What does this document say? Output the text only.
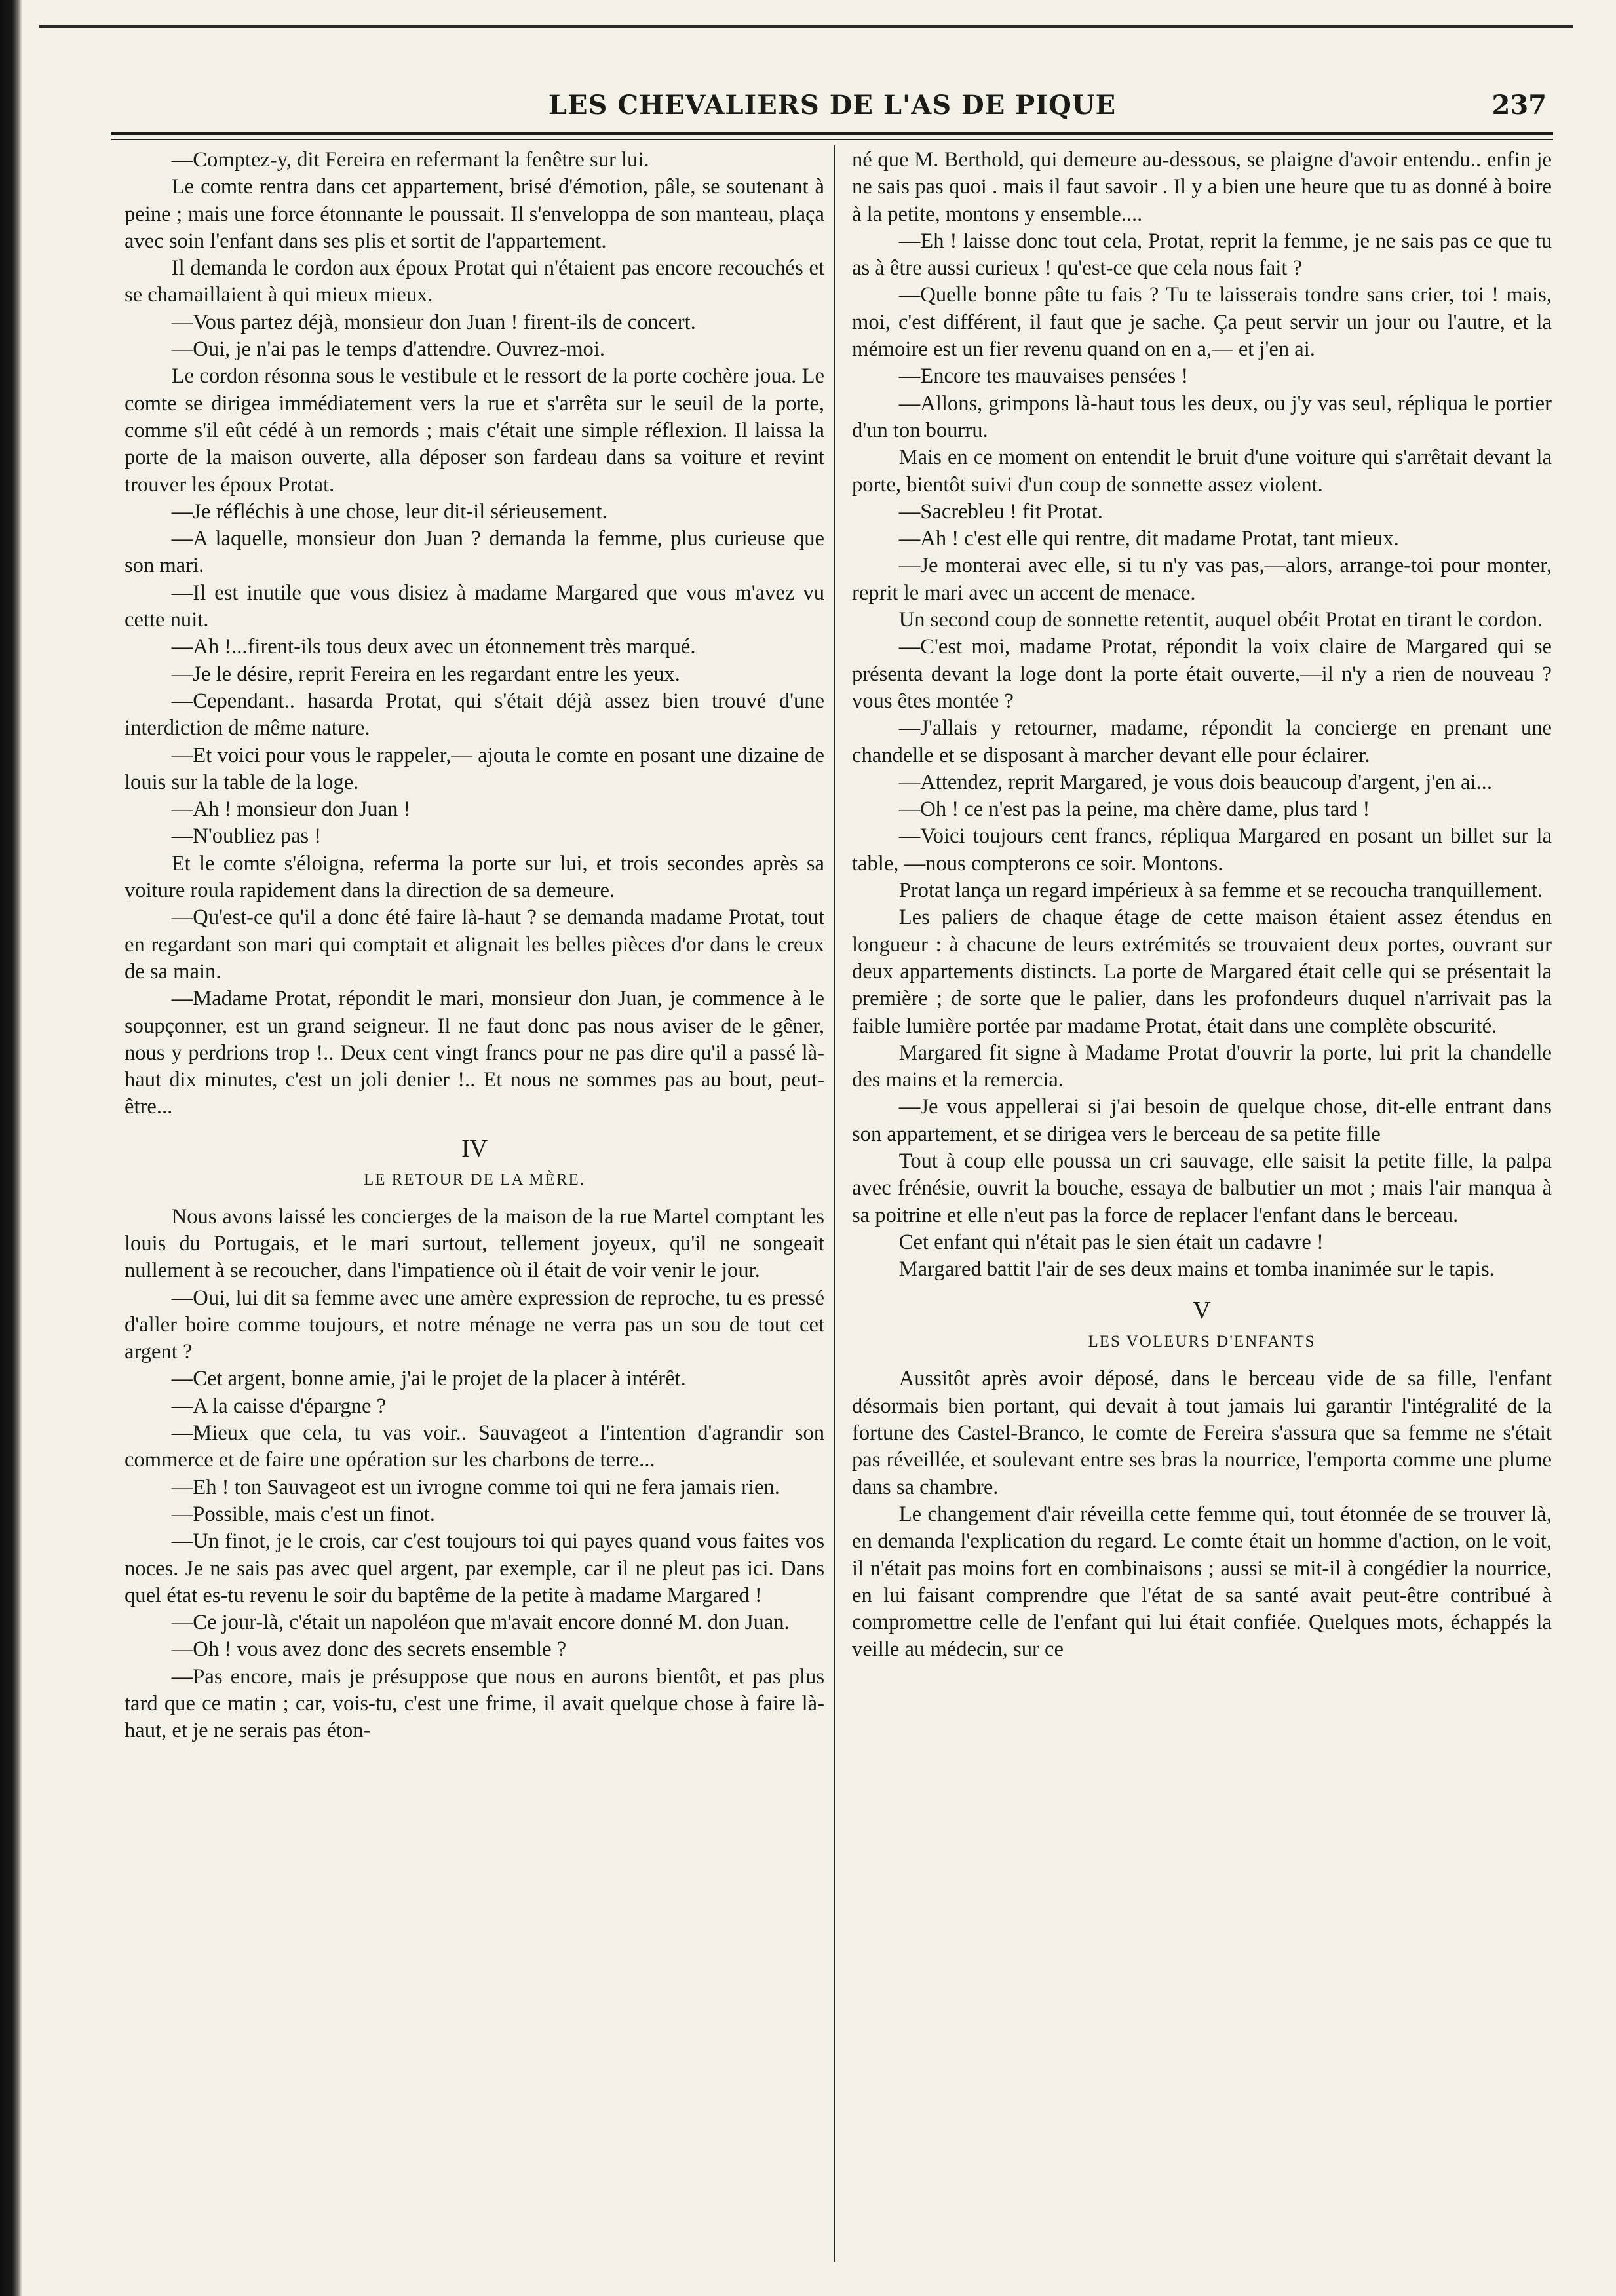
LES CHEVALIERS DE L'AS DE PIQUE	237

—Comptez-y, dit Fereira en refermant la fenêtre sur lui.

Le comte rentra dans cet appartement, brisé d'émotion, pâle, se soutenant à peine ; mais une force étonnante le poussait. Il s'enveloppa de son manteau, plaça avec soin l'enfant dans ses plis et sortit de l'appartement.

Il demanda le cordon aux époux Protat qui n'étaient pas encore recouchés et se chamaillaient à qui mieux mieux.

—Vous partez déjà, monsieur don Juan ! firent-ils de concert.

—Oui, je n'ai pas le temps d'attendre. Ouvrez-moi.

Le cordon résonna sous le vestibule et le ressort de la porte cochère joua. Le comte se dirigea immédiatement vers la rue et s'arrêta sur le seuil de la porte, comme s'il eût cédé à un remords ; mais c'était une simple réflexion. Il laissa la porte de la maison ouverte, alla déposer son fardeau dans sa voiture et revint trouver les époux Protat.

—Je réfléchis à une chose, leur dit-il sérieusement.

—A laquelle, monsieur don Juan ? demanda la femme, plus curieuse que son mari.

—Il est inutile que vous disiez à madame Margared que vous m'avez vu cette nuit.

—Ah !...firent-ils tous deux avec un étonnement très marqué.

—Je le désire, reprit Fereira en les regardant entre les yeux.

—Cependant.. hasarda Protat, qui s'était déjà assez bien trouvé d'une interdiction de même nature.

—Et voici pour vous le rappeler,— ajouta le comte en posant une dizaine de louis sur la table de la loge.

—Ah ! monsieur don Juan !

—N'oubliez pas !

Et le comte s'éloigna, referma la porte sur lui, et trois secondes après sa voiture roula rapidement dans la direction de sa demeure.

—Qu'est-ce qu'il a donc été faire là-haut ? se demanda madame Protat, tout en regardant son mari qui comptait et alignait les belles pièces d'or dans le creux de sa main.

—Madame Protat, répondit le mari, monsieur don Juan, je commence à le soupçonner, est un grand seigneur. Il ne faut donc pas nous aviser de le gêner, nous y perdrions trop !.. Deux cent vingt francs pour ne pas dire qu'il a passé là-haut dix minutes, c'est un joli denier !.. Et nous ne sommes pas au bout, peut-être...

IV
LE RETOUR DE LA MÈRE.

Nous avons laissé les concierges de la maison de la rue Martel comptant les louis du Portugais, et le mari surtout, tellement joyeux, qu'il ne songeait nullement à se recoucher, dans l'impatience où il était de voir venir le jour.

—Oui, lui dit sa femme avec une amère expression de reproche, tu es pressé d'aller boire comme toujours, et notre ménage ne verra pas un sou de tout cet argent ?

—Cet argent, bonne amie, j'ai le projet de la placer à intérêt.

—A la caisse d'épargne ?

—Mieux que cela, tu vas voir.. Sauvageot a l'intention d'agrandir son commerce et de faire une opération sur les charbons de terre...

—Eh ! ton Sauvageot est un ivrogne comme toi qui ne fera jamais rien.

—Possible, mais c'est un finot.

—Un finot, je le crois, car c'est toujours toi qui payes quand vous faites vos noces. Je ne sais pas avec quel argent, par exemple, car il ne pleut pas ici. Dans quel état es-tu revenu le soir du baptême de la petite à madame Margared !

—Ce jour-là, c'était un napoléon que m'avait encore donné M. don Juan.

—Oh ! vous avez donc des secrets ensemble ?

—Pas encore, mais je présuppose que nous en aurons bientôt, et pas plus tard que ce matin ; car, vois-tu, c'est une frime, il avait quelque chose à faire là-haut, et je ne serais pas éton-

né que M. Berthold, qui demeure au-dessous, se plaigne d'avoir entendu.. enfin je ne sais pas quoi . mais il faut savoir . Il y a bien une heure que tu as donné à boire à la petite, montons y ensemble....

—Eh ! laisse donc tout cela, Protat, reprit la femme, je ne sais pas ce que tu as à être aussi curieux ! qu'est-ce que cela nous fait ?

—Quelle bonne pâte tu fais ? Tu te laisserais tondre sans crier, toi ! mais, moi, c'est différent, il faut que je sache. Ça peut servir un jour ou l'autre, et la mémoire est un fier revenu quand on en a,— et j'en ai.

—Encore tes mauvaises pensées !

—Allons, grimpons là-haut tous les deux, ou j'y vas seul, répliqua le portier d'un ton bourru.

Mais en ce moment on entendit le bruit d'une voiture qui s'arrêtait devant la porte, bientôt suivi d'un coup de sonnette assez violent.

—Sacrebleu ! fit Protat.

—Ah ! c'est elle qui rentre, dit madame Protat, tant mieux.

—Je monterai avec elle, si tu n'y vas pas,—alors, arrange-toi pour monter, reprit le mari avec un accent de menace.

Un second coup de sonnette retentit, auquel obéit Protat en tirant le cordon.

—C'est moi, madame Protat, répondit la voix claire de Margared qui se présenta devant la loge dont la porte était ouverte,—il n'y a rien de nouveau ? vous êtes montée ?

—J'allais y retourner, madame, répondit la concierge en prenant une chandelle et se disposant à marcher devant elle pour éclairer.

—Attendez, reprit Margared, je vous dois beaucoup d'argent, j'en ai...

—Oh ! ce n'est pas la peine, ma chère dame, plus tard !

—Voici toujours cent francs, répliqua Margared en posant un billet sur la table, —nous compterons ce soir. Montons.

Protat lança un regard impérieux à sa femme et se recoucha tranquillement.

Les paliers de chaque étage de cette maison étaient assez étendus en longueur : à chacune de leurs extrémités se trouvaient deux portes, ouvrant sur deux appartements distincts. La porte de Margared était celle qui se présentait la première ; de sorte que le palier, dans les profondeurs duquel n'arrivait pas la faible lumière portée par madame Protat, était dans une complète obscurité.

Margared fit signe à Madame Protat d'ouvrir la porte, lui prit la chandelle des mains et la remercia.

—Je vous appellerai si j'ai besoin de quelque chose, dit-elle entrant dans son appartement, et se dirigea vers le berceau de sa petite fille

Tout à coup elle poussa un cri sauvage, elle saisit la petite fille, la palpa avec frénésie, ouvrit la bouche, essaya de balbutier un mot ; mais l'air manqua à sa poitrine et elle n'eut pas la force de replacer l'enfant dans le berceau.

Cet enfant qui n'était pas le sien était un cadavre !

Margared battit l'air de ses deux mains et tomba inanimée sur le tapis.

V
LES VOLEURS D'ENFANTS

Aussitôt après avoir déposé, dans le berceau vide de sa fille, l'enfant désormais bien portant, qui devait à tout jamais lui garantir l'intégralité de la fortune des Castel-Branco, le comte de Fereira s'assura que sa femme ne s'était pas réveillée, et soulevant entre ses bras la nourrice, l'emporta comme une plume dans sa chambre.

Le changement d'air réveilla cette femme qui, tout étonnée de se trouver là, en demanda l'explication du regard. Le comte était un homme d'action, on le voit, il n'était pas moins fort en combinaisons ; aussi se mit-il à congédier la nourrice, en lui faisant comprendre que l'état de sa santé avait peut-être contribué à compromettre celle de l'enfant qui lui était confiée. Quelques mots, échappés la veille au médecin, sur ce
